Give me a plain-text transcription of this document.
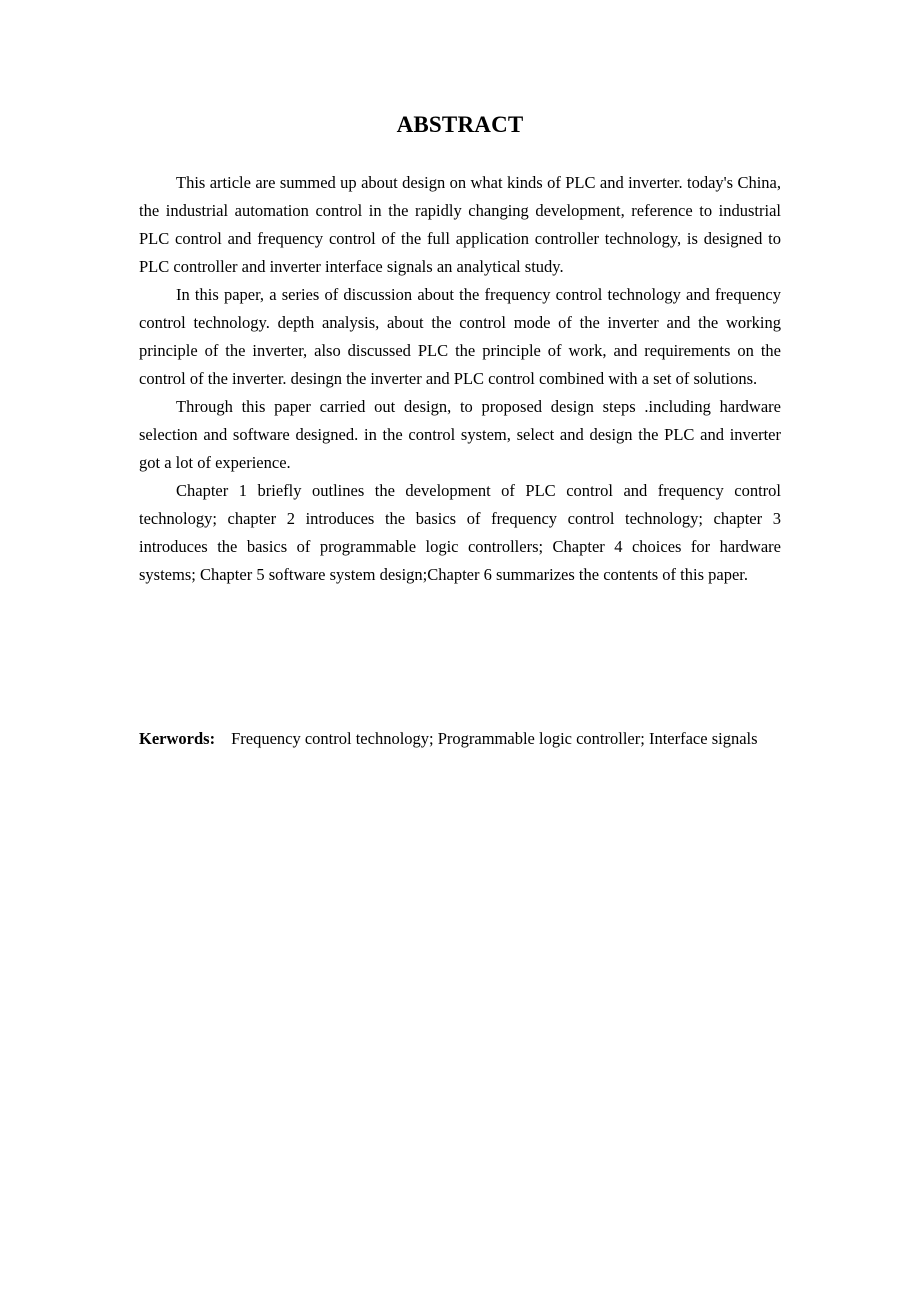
ABSTRACT

This article are summed up about design on what kinds of PLC and inverter. today's China, the industrial automation control in the rapidly changing development, reference to industrial PLC control and frequency control of the full application controller technology, is designed to PLC controller and inverter interface signals an analytical study.

In this paper, a series of discussion about the frequency control technology and frequency control technology. depth analysis, about the control mode of the inverter and the working principle of the inverter, also discussed PLC the principle of work, and requirements on the control of the inverter. desingn the inverter and PLC control combined with a set of solutions.

Through this paper carried out design, to proposed design steps .including hardware selection and software designed. in the control system, select and design the PLC and inverter got a lot of experience.

Chapter 1 briefly outlines the development of PLC control and frequency control technology; chapter 2 introduces the basics of frequency control technology; chapter 3 introduces the basics of programmable logic controllers; Chapter 4 choices for hardware systems; Chapter 5 software system design;Chapter 6 summarizes the contents of this paper.

Kerwords: Frequency control technology; Programmable logic controller; Interface signals
